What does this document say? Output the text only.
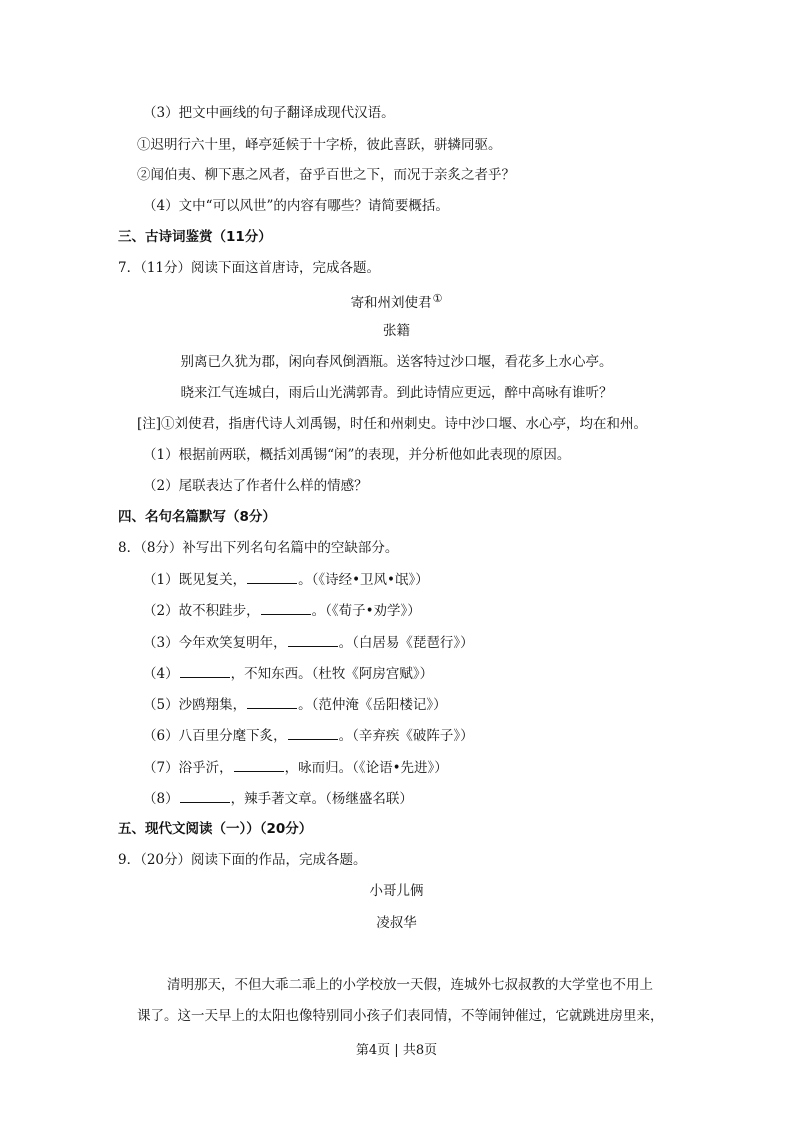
（3）把文中画线的句子翻译成现代汉语。
①迟明行六十里，峄亭延候于十字桥，彼此喜跃，骈辚同驱。
②闻伯夷、柳下惠之风者，奋乎百世之下，而况于亲炙之者乎？
（4）文中“可以风世”的内容有哪些？请简要概括。
三、古诗词鉴赏（11分）
7．（11分）阅读下面这首唐诗，完成各题。
寄和州刘使君①
张籍
别离已久犹为郡，闲向春风倒酒瓶。送客特过沙口堰，看花多上水心亭。
晓来江气连城白，雨后山光满郭青。到此诗情应更远，醉中高咏有谁听？
[注]①刘使君，指唐代诗人刘禹锡，时任和州刺史。诗中沙口堰、水心亭，均在和州。
（1）根据前两联，概括刘禹锡“闲”的表现，并分析他如此表现的原因。
（2）尾联表达了作者什么样的情感？
四、名句名篇默写（8分）
8．（8分）补写出下列名句名篇中的空缺部分。
（1）既见复关，	。（《诗经•卫风•氓》）
（2）故不积跬步，	。（《荀子•劝学》）
（3）今年欢笑复明年，	。（白居易《琵琶行》）
（4）	，不知东西。（杜牧《阿房宫赋》）
（5）沙鸥翔集，	。（范仲淹《岳阳楼记》）
（6）八百里分麾下炙，	。（辛弃疾《破阵子》）
（7）浴乎沂，	，咏而归。（《论语•先进》）
（8）	，辣手著文章。（杨继盛名联）
五、现代文阅读（一））（20分）
9．（20分）阅读下面的作品，完成各题。
小哥儿俩
凌叔华
清明那天，不但大乖二乖上的小学校放一天假，连城外七叔叔教的大学堂也不用上
课了。这一天早上的太阳也像特别同小孩子们表同情，不等闹钟催过，它就跳进房里来，
第4页 | 共8页
